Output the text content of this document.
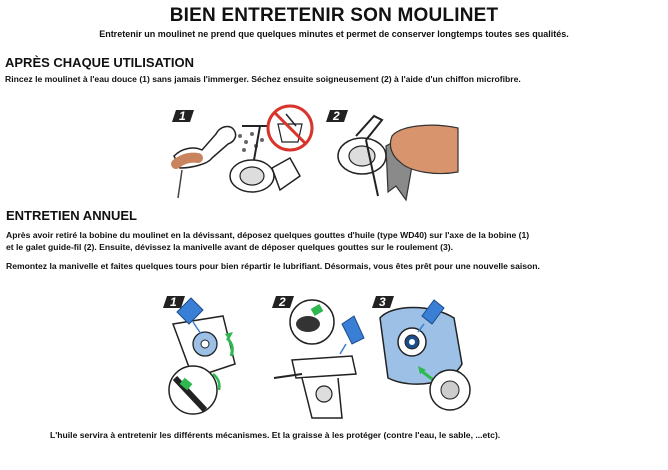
BIEN ENTRETENIR SON MOULINET
Entretenir un moulinet ne prend que quelques minutes et permet de conserver longtemps toutes ses qualités.
APRÈS CHAQUE UTILISATION
Rincez le moulinet à l'eau douce (1) sans jamais l'immerger. Séchez ensuite soigneusement (2) à l'aide d'un chiffon microfibre.
1	2
ENTRETIEN ANNUEL
Après avoir retiré la bobine du moulinet en la dévissant, déposez quelques gouttes d'huile (type WD40) sur l'axe de la bobine (1)
et le galet guide-fil (2). Ensuite, dévissez la manivelle avant de déposer quelques gouttes sur le roulement (3).
Remontez la manivelle et faites quelques tours pour bien répartir le lubrifiant. Désormais, vous êtes prêt pour une nouvelle saison.
1	2	3
L'huile servira à entretenir les différents mécanismes. Et la graisse à les protéger (contre l'eau, le sable, ...etc).
